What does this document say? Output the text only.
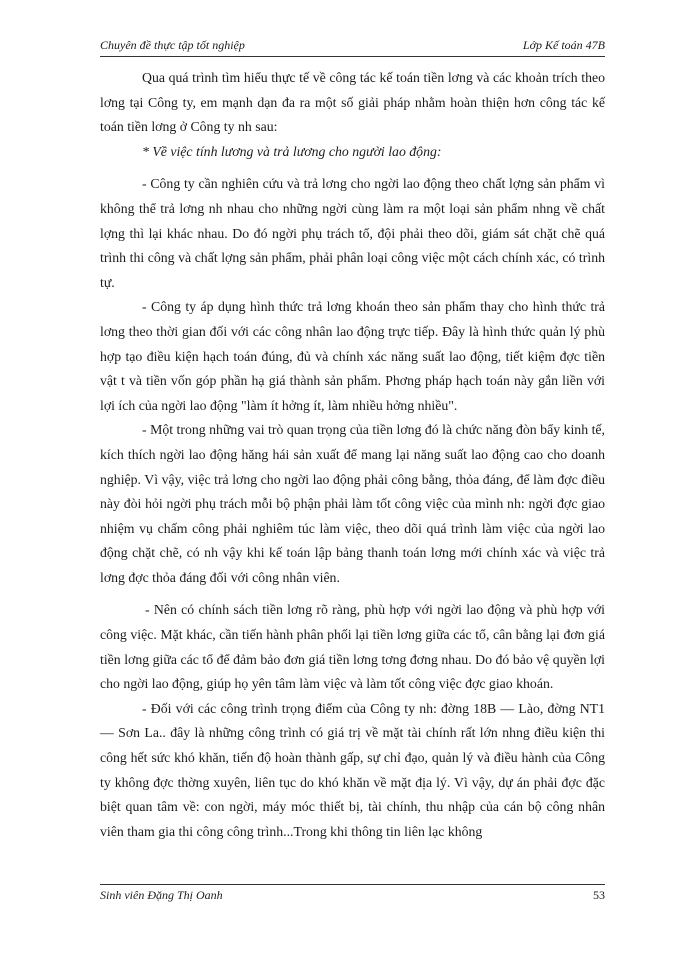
Chuyên đề thực tập tốt nghiệp	Lớp Kế toán 47B

Qua quá trình tìm hiểu thực tế về công tác kế toán tiền lơng và các khoản trích theo lơng tại Công ty, em mạnh dạn đa ra một số giải pháp nhằm hoàn thiện hơn công tác kế toán tiền lơng ở Công ty nh sau:

* Về việc tính lương và trả lương cho người lao động:

- Công ty cần nghiên cứu và trả lơng cho ngời lao động theo chất lợng sản phẩm vì không thể trả lơng nh nhau cho những ngời cùng làm ra một loại sản phẩm nhng về chất lợng thì lại khác nhau. Do đó ngời phụ trách tổ, đội phải theo dõi, giám sát chặt chẽ quá trình thi công và chất lợng sản phẩm, phải phân loại công việc một cách chính xác, có trình tự.

- Công ty áp dụng hình thức trả lơng khoán theo sản phẩm thay cho hình thức trả lơng theo thời gian đối với các công nhân lao động trực tiếp. Đây là hình thức quản lý phù hợp tạo điều kiện hạch toán đúng, đủ và chính xác năng suất lao động, tiết kiệm đợc tiền vật t và tiền vốn góp phần hạ giá thành sản phẩm. Phơng pháp hạch toán này gắn liền với lợi ích của ngời lao động "làm ít hởng ít, làm nhiều hởng nhiều".

- Một trong những vai trò quan trọng của tiền lơng đó là chức năng đòn bẩy kinh tế, kích thích ngời lao động hăng hái sản xuất để mang lại năng suất lao động cao cho doanh nghiệp. Vì vậy, việc trả lơng cho ngời lao động phải công bằng, thỏa đáng, để làm đợc điều này đòi hỏi ngời phụ trách mỗi bộ phận phải làm tốt công việc của mình nh: ngời đợc giao nhiệm vụ chấm công phải nghiêm túc làm việc, theo dõi quá trình làm việc của ngời lao động chặt chẽ, có nh vậy khi kế toán lập bảng thanh toán lơng mới chính xác và việc trả lơng đợc thỏa đáng đối với công nhân viên.

- Nên có chính sách tiền lơng rõ ràng, phù hợp với ngời lao động và phù hợp với công việc. Mặt khác, cần tiến hành phân phối lại tiền lơng giữa các tổ, cân bằng lại đơn giá tiền lơng giữa các tổ để đảm bảo đơn giá tiền lơng tơng đơng nhau. Do đó bảo vệ quyền lợi cho ngời lao động, giúp họ yên tâm làm việc và làm tốt công việc đợc giao khoán.

- Đối với các công trình trọng điểm của Công ty nh: đờng 18B — Lào, đờng NT1 — Sơn La.. đây là những công trình có giá trị về mặt tài chính rất lớn nhng điều kiện thi công hết sức khó khăn, tiến độ hoàn thành gấp, sự chỉ đạo, quản lý và điều hành của Công ty không đợc thờng xuyên, liên tục do khó khăn về mặt địa lý. Vì vậy, dự án phải đợc đặc biệt quan tâm về: con ngời, máy móc thiết bị, tài chính, thu nhập của cán bộ công nhân viên tham gia thi công công trình...Trong khi thông tin liên lạc không

Sinh viên Đặng Thị Oanh	53
